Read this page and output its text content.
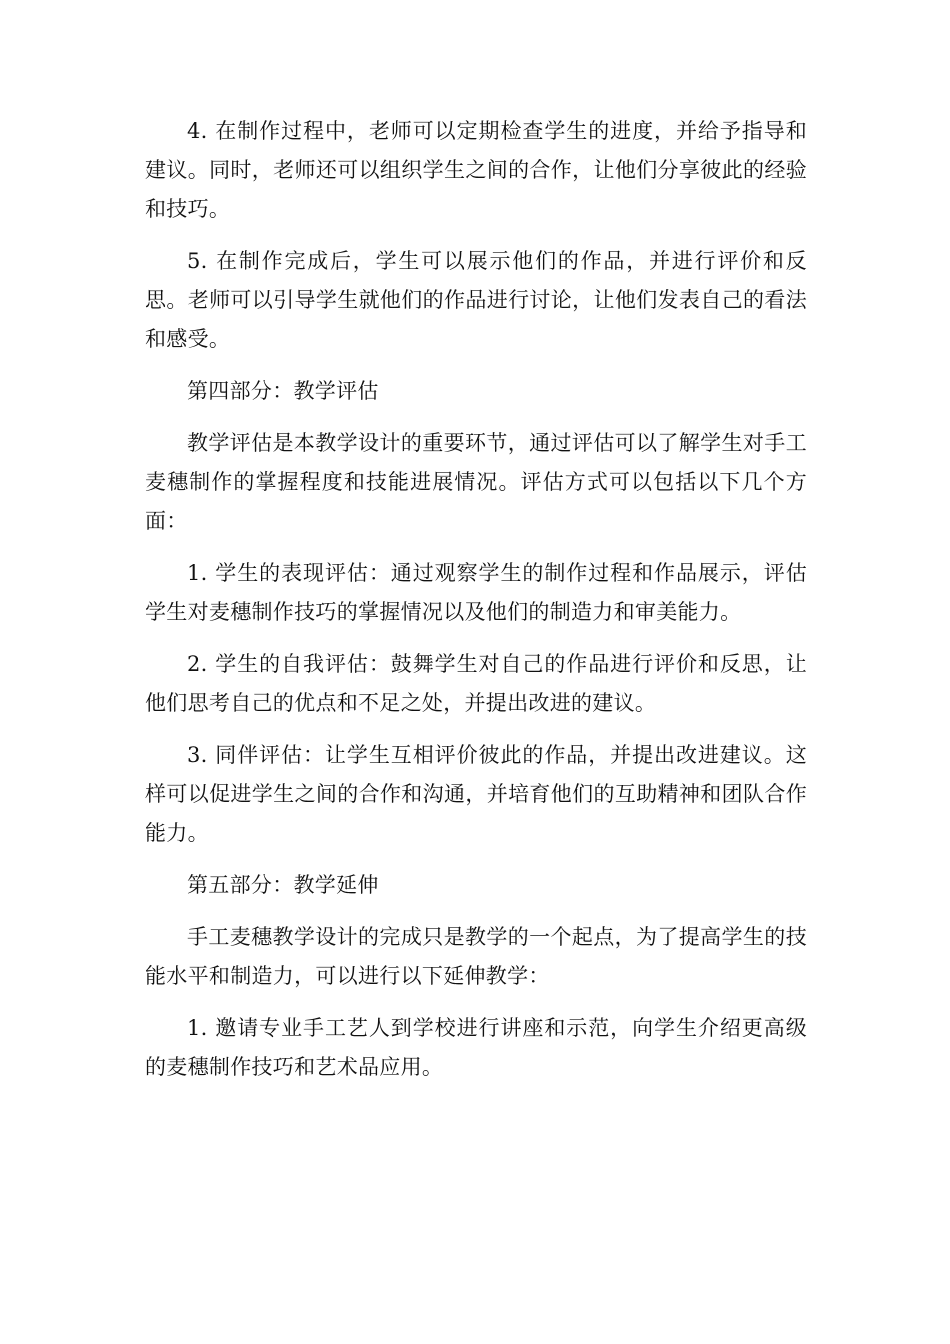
4. 在制作过程中，老师可以定期检查学生的进度，并给予指导和建议。同时，老师还可以组织学生之间的合作，让他们分享彼此的经验和技巧。

5. 在制作完成后，学生可以展示他们的作品，并进行评价和反思。老师可以引导学生就他们的作品进行讨论，让他们发表自己的看法和感受。

第四部分：教学评估

教学评估是本教学设计的重要环节，通过评估可以了解学生对手工麦穗制作的掌握程度和技能进展情况。评估方式可以包括以下几个方面：

1. 学生的表现评估：通过观察学生的制作过程和作品展示，评估学生对麦穗制作技巧的掌握情况以及他们的制造力和审美能力。

2. 学生的自我评估：鼓舞学生对自己的作品进行评价和反思，让他们思考自己的优点和不足之处，并提出改进的建议。

3. 同伴评估：让学生互相评价彼此的作品，并提出改进建议。这样可以促进学生之间的合作和沟通，并培育他们的互助精神和团队合作能力。

第五部分：教学延伸

手工麦穗教学设计的完成只是教学的一个起点，为了提高学生的技能水平和制造力，可以进行以下延伸教学：

1. 邀请专业手工艺人到学校进行讲座和示范，向学生介绍更高级的麦穗制作技巧和艺术品应用。
